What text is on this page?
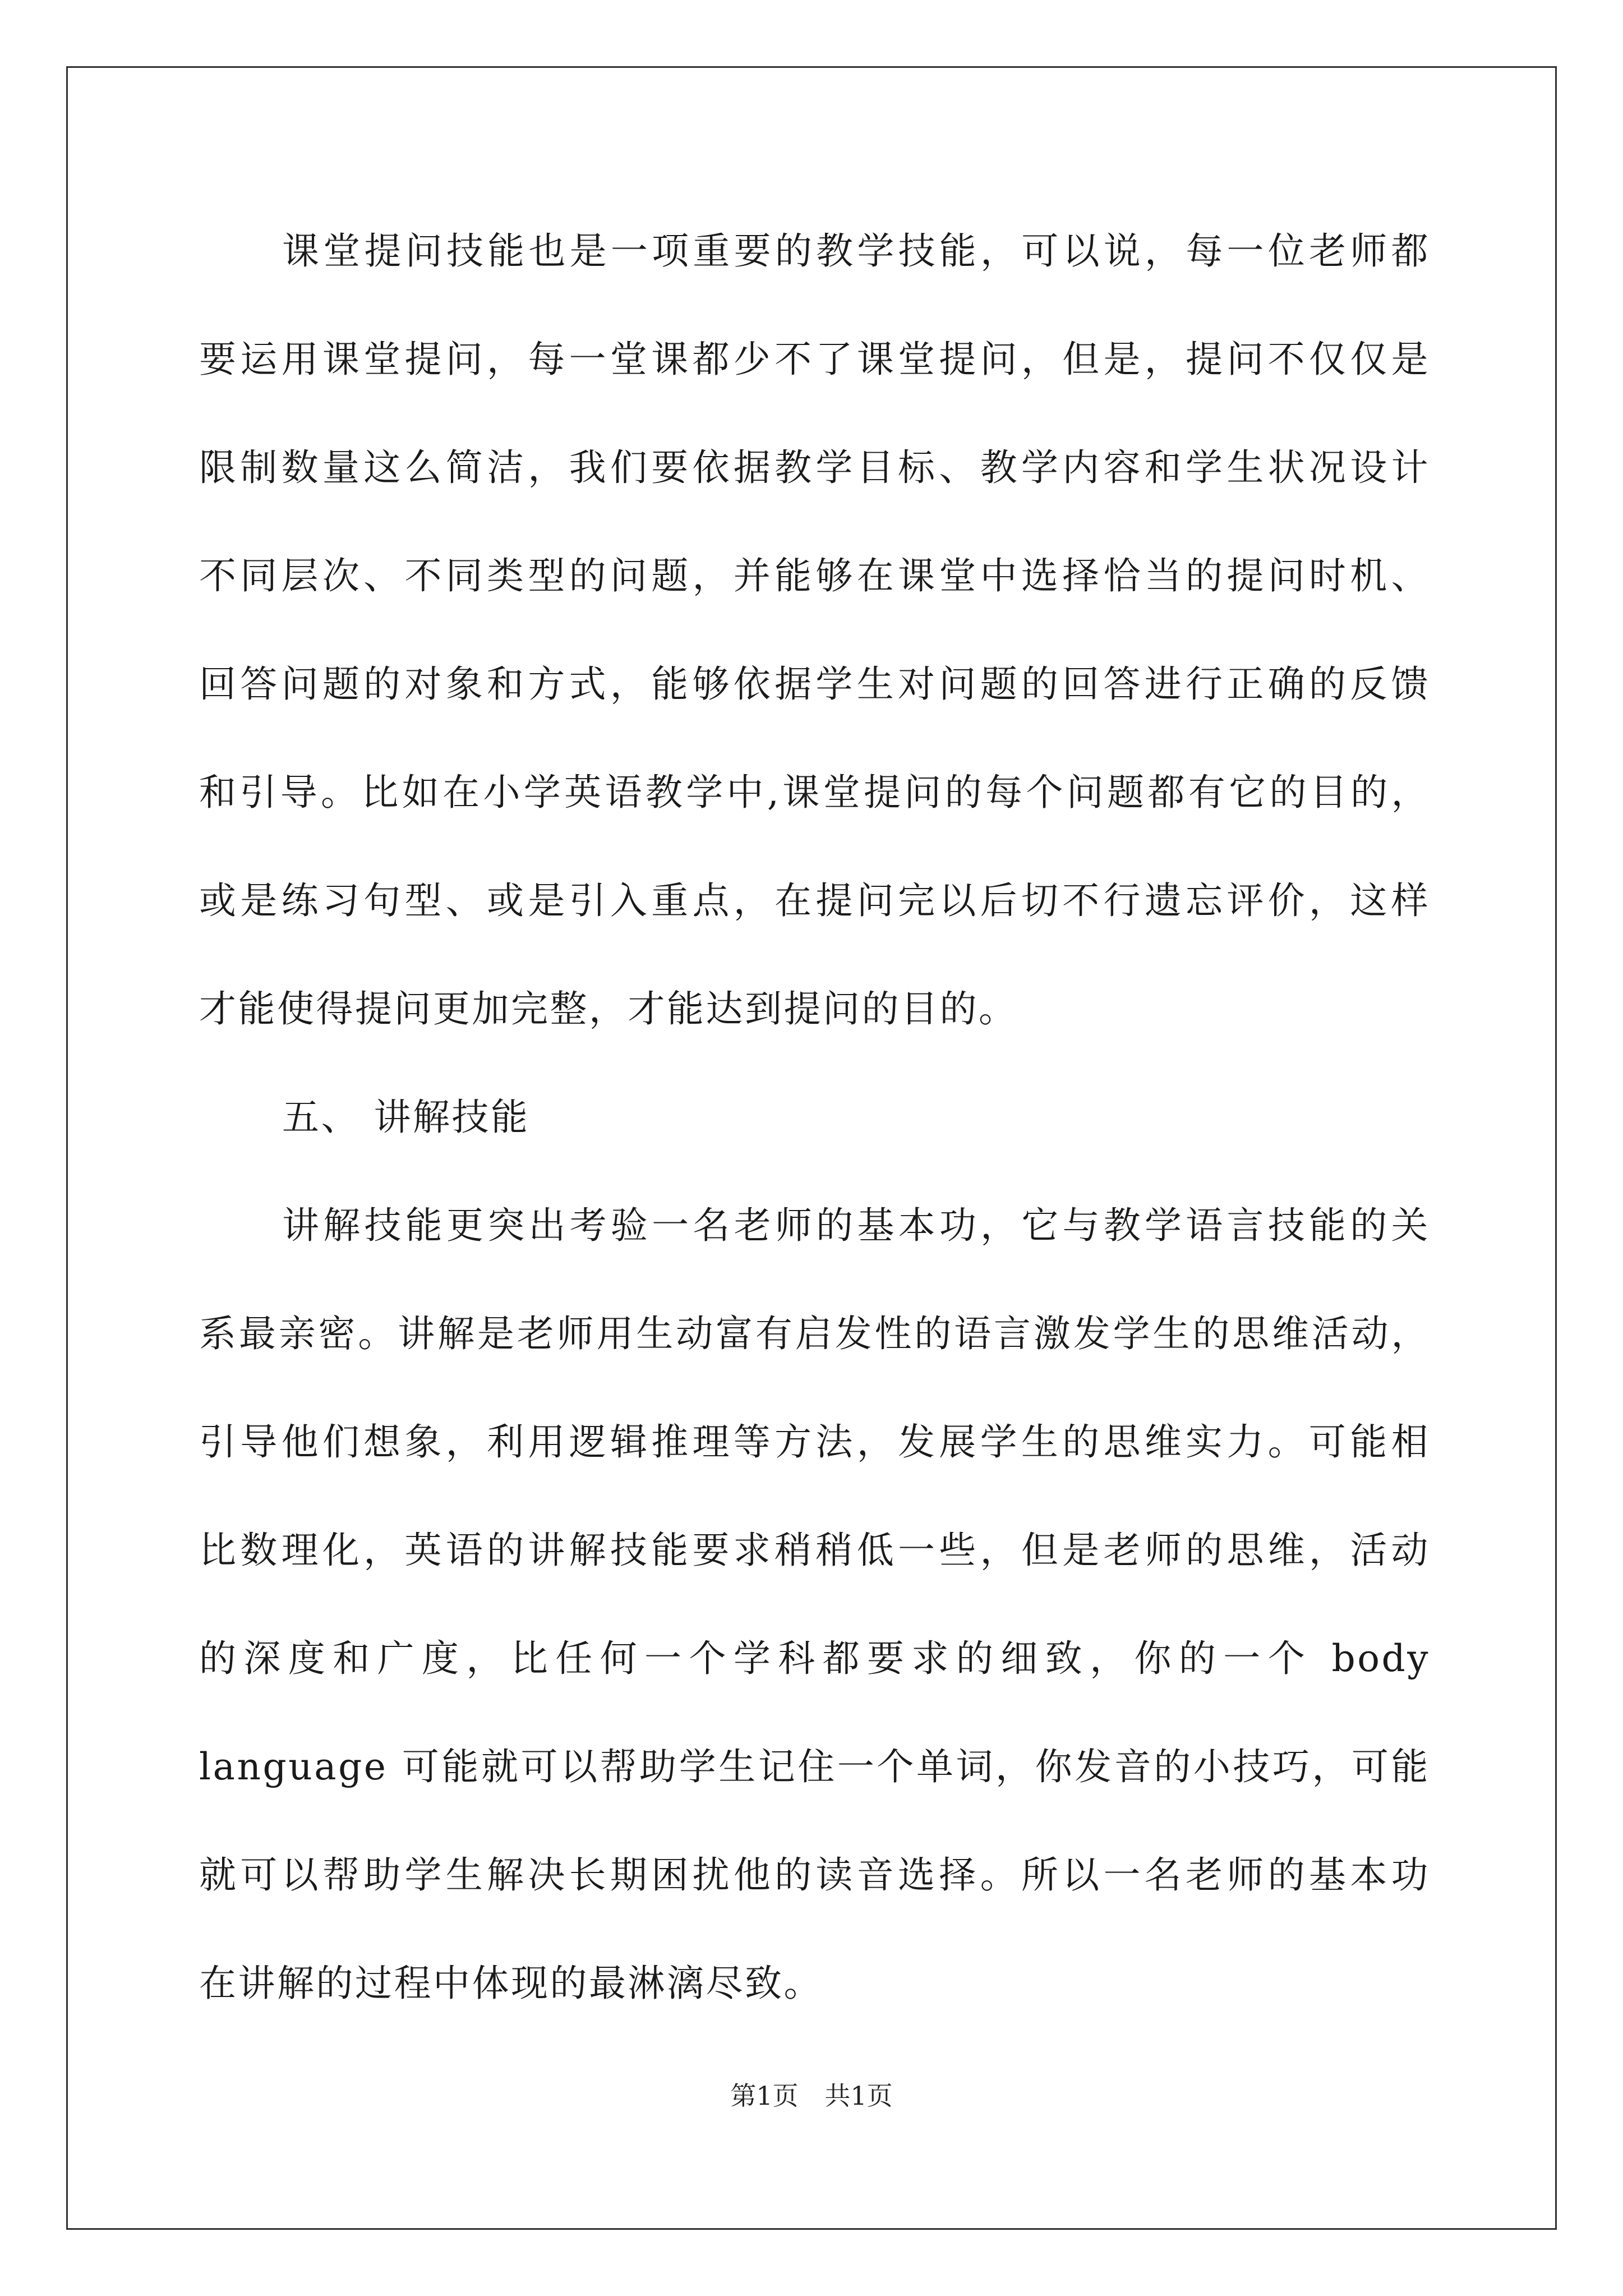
课堂提问技能也是一项重要的教学技能，可以说，每一位老师都
要运用课堂提问，每一堂课都少不了课堂提问，但是，提问不仅仅是
限制数量这么简洁，我们要依据教学目标、教学内容和学生状况设计
不同层次、不同类型的问题，并能够在课堂中选择恰当的提问时机、
回答问题的对象和方式，能够依据学生对问题的回答进行正确的反馈
和引导。比如在小学英语教学中,课堂提问的每个问题都有它的目的，
或是练习句型、或是引入重点，在提问完以后切不行遗忘评价，这样
才能使得提问更加完整，才能达到提问的目的。
五、 讲解技能
讲解技能更突出考验一名老师的基本功，它与教学语言技能的关
系最亲密。讲解是老师用生动富有启发性的语言激发学生的思维活动，
引导他们想象，利用逻辑推理等方法，发展学生的思维实力。可能相
比数理化，英语的讲解技能要求稍稍低一些，但是老师的思维，活动
的深度和广度，比任何一个学科都要求的细致，你的一个 body
language 可能就可以帮助学生记住一个单词，你发音的小技巧，可能
就可以帮助学生解决长期困扰他的读音选择。所以一名老师的基本功
在讲解的过程中体现的最淋漓尽致。
第1页 共1页
